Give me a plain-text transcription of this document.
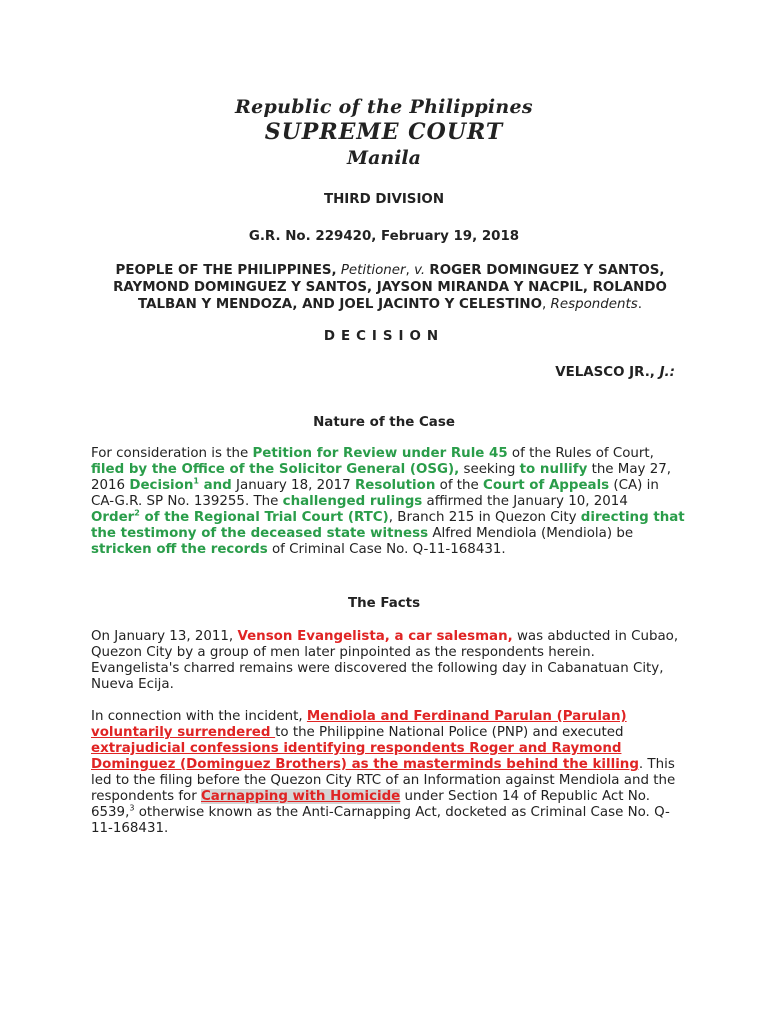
Republic of the Philippines
SUPREME COURT
Manila
THIRD DIVISION
G.R. No. 229420, February 19, 2018
PEOPLE OF THE PHILIPPINES, Petitioner, v. ROGER DOMINGUEZ Y SANTOS,
RAYMOND DOMINGUEZ Y SANTOS, JAYSON MIRANDA Y NACPIL, ROLANDO
TALBAN Y MENDOZA, AND JOEL JACINTO Y CELESTINO, Respondents.
DECISION
VELASCO JR., J.:
Nature of the Case
For consideration is the Petition for Review under Rule 45 of the Rules of Court,
filed by the Office of the Solicitor General (OSG), seeking to nullify the May 27,
2016 Decision$^1$ and January 18, 2017 Resolution of the Court of Appeals (CA) in
CA-G.R. SP No. 139255. The challenged rulings affirmed the January 10, 2014
Order$^2$ of the Regional Trial Court (RTC), Branch 215 in Quezon City directing that
the testimony of the deceased state witness Alfred Mendiola (Mendiola) be
stricken off the records of Criminal Case No. Q-11-168431.
The Facts
On January 13, 2011, Venson Evangelista, a car salesman, was abducted in Cubao,
Quezon City by a group of men later pinpointed as the respondents herein.
Evangelista's charred remains were discovered the following day in Cabanatuan City,
Nueva Ecija.
In connection with the incident, Mendiola and Ferdinand Parulan (Parulan)
voluntarily surrendered to the Philippine National Police (PNP) and executed
extrajudicial confessions identifying respondents Roger and Raymond
Dominguez (Dominguez Brothers) as the masterminds behind the killing. This
led to the filing before the Quezon City RTC of an Information against Mendiola and the
respondents for Carnapping with Homicide under Section 14 of Republic Act No.
6539,$^3$ otherwise known as the Anti-Carnapping Act, docketed as Criminal Case No. Q-
11-168431.
